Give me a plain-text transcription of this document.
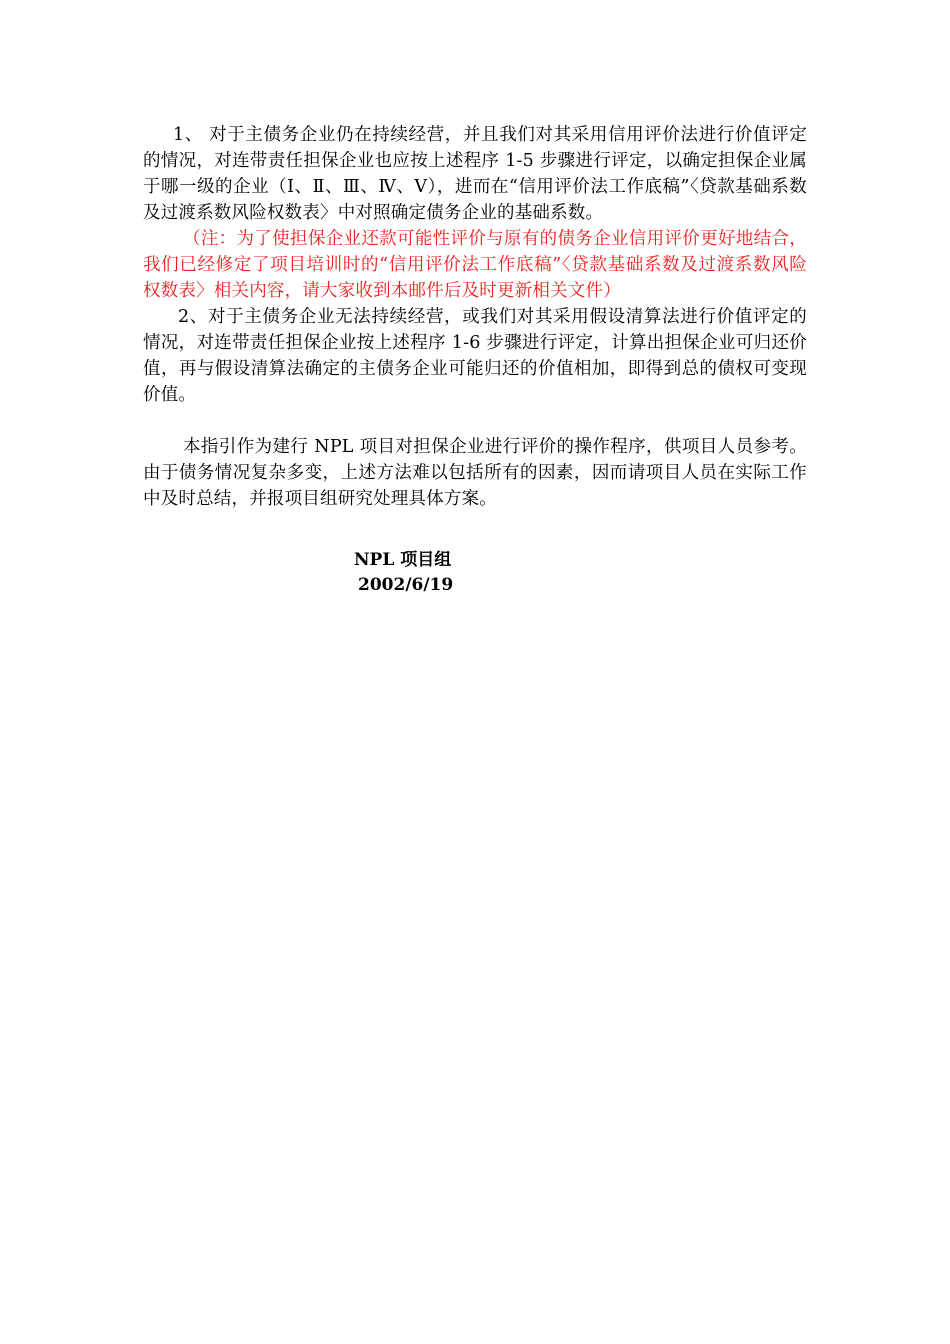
1、 对于主债务企业仍在持续经营，并且我们对其采用信用评价法进行价值评定的情况，对连带责任担保企业也应按上述程序 1-5 步骤进行评定，以确定担保企业属于哪一级的企业（Ⅰ、Ⅱ、Ⅲ、Ⅳ、Ⅴ），进而在“信用评价法工作底稿”〈贷款基础系数及过渡系数风险权数表〉中对照确定债务企业的基础系数。

（注：为了使担保企业还款可能性评价与原有的债务企业信用评价更好地结合，我们已经修定了项目培训时的“信用评价法工作底稿”〈贷款基础系数及过渡系数风险权数表〉相关内容，请大家收到本邮件后及时更新相关文件）

2、对于主债务企业无法持续经营，或我们对其采用假设清算法进行价值评定的情况，对连带责任担保企业按上述程序 1-6 步骤进行评定，计算出担保企业可归还价值，再与假设清算法确定的主债务企业可能归还的价值相加，即得到总的债权可变现价值。

本指引作为建行 NPL 项目对担保企业进行评价的操作程序，供项目人员参考。由于债务情况复杂多变，上述方法难以包括所有的因素，因而请项目人员在实际工作中及时总结，并报项目组研究处理具体方案。

NPL 项目组
2002/6/19
